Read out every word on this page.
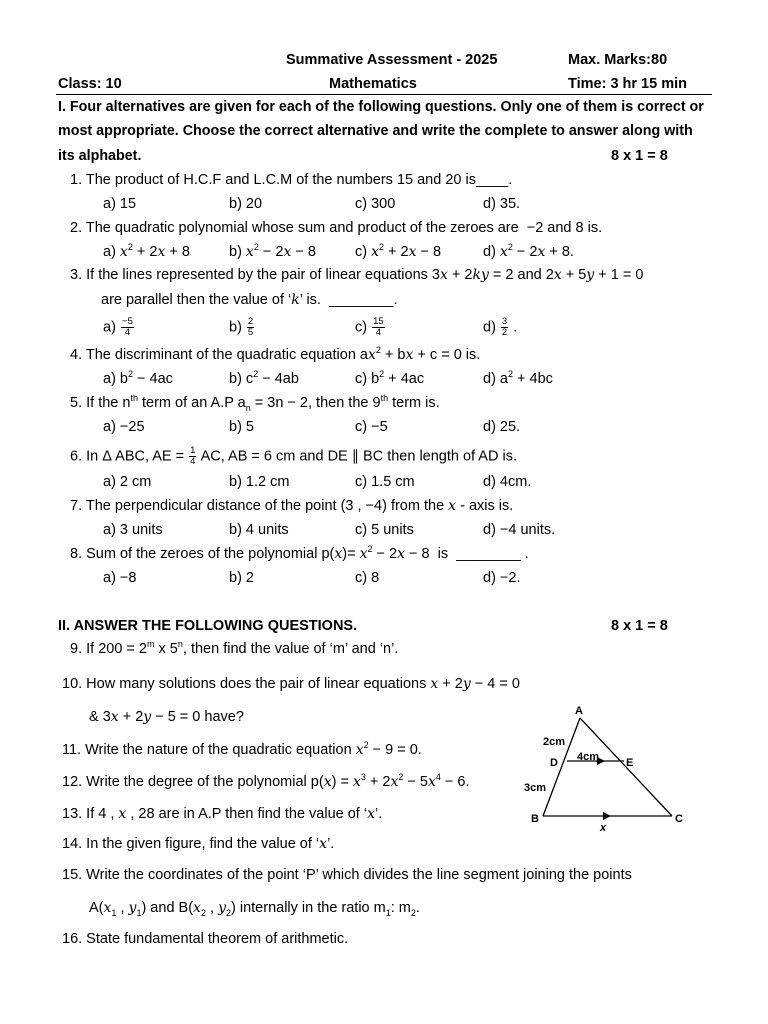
Summative Assessment - 2025	Max. Marks:80
Class: 10	Mathematics	Time: 3 hr 15 min
I. Four alternatives are given for each of the following questions. Only one of them is correct or
most appropriate. Choose the correct alternative and write the complete to answer along with
its alphabet.	8 x 1 = 8
1. The product of H.C.F and L.C.M of the numbers 15 and 20 is____.
a) 15	b) 20	c) 300	d) 35.
2. The quadratic polynomial whose sum and product of the zeroes are  −2 and 8 is.
a) $x^2 + 2x + 8$	b) $x^2 - 2x - 8$	c) $x^2 + 2x - 8$	d) $x^2 - 2x + 8$.
3. If the lines represented by the pair of linear equations 3x + 2ky = 2 and 2x + 5y + 1 = 0
are parallel then the value of ‘k’ is.  ________.
$a) \frac{-5}{4}$	$b) \frac{2}{5}$	$c) \frac{15}{4}$	$d) \frac{3}{2}$ .
4. The discriminant of the quadratic equation $ax^2$ + bx + c = 0 is.
a) $b^2 - 4ac$	b) $c^2 - 4ab$	c) $b^2 + 4ac$	d) $a^2 + 4bc$
5. If the $n^{th}$ term of an A.P $a_n = 3n - 2$, then the 9th term is.
a) −25	b) 5	c) −5	d) 25.
6. In Δ ABC, AE = $\frac{1}{4}$ AC, AB = 6 cm and DE ∥ BC then length of AD is.
a) 2 cm	b) 1.2 cm	c) 1.5 cm	d) 4cm.
7. The perpendicular distance of the point (3 , −4) from the x - axis is.
a) 3 units	b) 4 units	c) 5 units	d) −4 units.
8. Sum of the zeroes of the polynomial $p(x)= x^2 - 2x - 8$  is  ________ .
a) −8	b) 2	c) 8	d) −2.
II. ANSWER THE FOLLOWING QUESTIONS.	8 x 1 = 8
9. If $200 = 2^m$ x 5$^n$, then find the value of ‘m’ and ‘n’.
10. How many solutions does the pair of linear equations x + 2y − 4 = 0
& 3x + 2y − 5 = 0 have?
11. Write the nature of the quadratic equation $x^2 - 9 = 0$.
12. Write the degree of the polynomial $p(x) = x^3 + 2x^2 - 5x^4 - 6$.
13. If 4 , x , 28 are in A.P then find the value of ‘x’.
14. In the given figure, find the value of ‘x’.
15. Write the coordinates of the point ‘P’ which divides the line segment joining the points
$A(x_1$ , $y_1$) and $B(x_2$ , $y_2$) internally in the ratio $m_1$: $m_2$.
16. State fundamental theorem of arithmetic.
A
B	C
D	E
2cm
4cm
3cm
x
